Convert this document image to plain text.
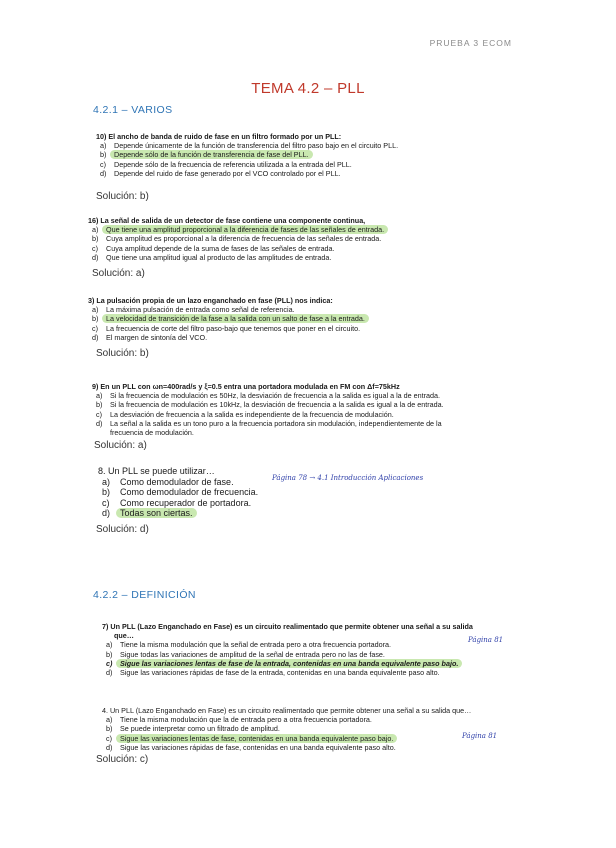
PRUEBA 3 ECOM
TEMA 4.2 – PLL
4.2.1 – VARIOS
10) El ancho de banda de ruido de fase en un filtro formado por un PLL:
a) Depende únicamente de la función de transferencia del filtro paso bajo en el circuito PLL.
b) Depende sólo de la función de transferencia de fase del PLL.
c) Depende sólo de la frecuencia de referencia utilizada a la entrada del PLL.
d) Depende del ruido de fase generado por el VCO controlado por el PLL.
Solución: b)
16) La señal de salida de un detector de fase contiene una componente continua,
a) Que tiene una amplitud proporcional a la diferencia de fases de las señales de entrada.
b) Cuya amplitud es proporcional a la diferencia de frecuencia de las señales de entrada.
c) Cuya amplitud depende de la suma de fases de las señales de entrada.
d) Que tiene una amplitud igual al producto de las amplitudes de entrada.
Solución: a)
3) La pulsación propia de un lazo enganchado en fase (PLL) nos indica:
a) La máxima pulsación de entrada como señal de referencia.
b) La velocidad de transición de la fase a la salida con un salto de fase a la entrada.
c) La frecuencia de corte del filtro paso-bajo que tenemos que poner en el circuito.
d) El margen de sintonía del VCO.
Solución: b)
9) En un PLL con ωn=400rad/s y ξ=0.5 entra una portadora modulada en FM con Δf=75kHz
a) Si la frecuencia de modulación es 50Hz, la desviación de frecuencia a la salida es igual a la de entrada.
b) Si la frecuencia de modulación es 10kHz, la desviación de frecuencia a la salida es igual a la de entrada.
c) La desviación de frecuencia a la salida es independiente de la frecuencia de modulación.
d) La señal a la salida es un tono puro a la frecuencia portadora sin modulación, independientemente de la
frecuencia de modulación.
Solución: a)
8. Un PLL se puede utilizar…
a) Como demodulador de fase.
b) Como demodulador de frecuencia.
c) Como recuperador de portadora.
d) Todas son ciertas.
Página 78 → 4.1 Introducción Aplicaciones
Solución: d)
4.2.2 – DEFINICIÓN
7) Un PLL (Lazo Enganchado en Fase) es un circuito realimentado que permite obtener una señal a su salida
que…
a) Tiene la misma modulación que la señal de entrada pero a otra frecuencia portadora.
b) Sigue todas las variaciones de amplitud de la señal de entrada pero no las de fase.
c) Sigue las variaciones lentas de fase de la entrada, contenidas en una banda equivalente paso bajo.
d) Sigue las variaciones rápidas de fase de la entrada, contenidas en una banda equivalente paso alto.
Página 81
4. Un PLL (Lazo Enganchado en Fase) es un circuito realimentado que permite obtener una señal a su salida que…
a) Tiene la misma modulación que la de entrada pero a otra frecuencia portadora.
b) Se puede interpretar como un filtrado de amplitud.
c) Sigue las variaciones lentas de fase, contenidas en una banda equivalente paso bajo.
d) Sigue las variaciones rápidas de fase, contenidas en una banda equivalente paso alto.
Página 81
Solución: c)
